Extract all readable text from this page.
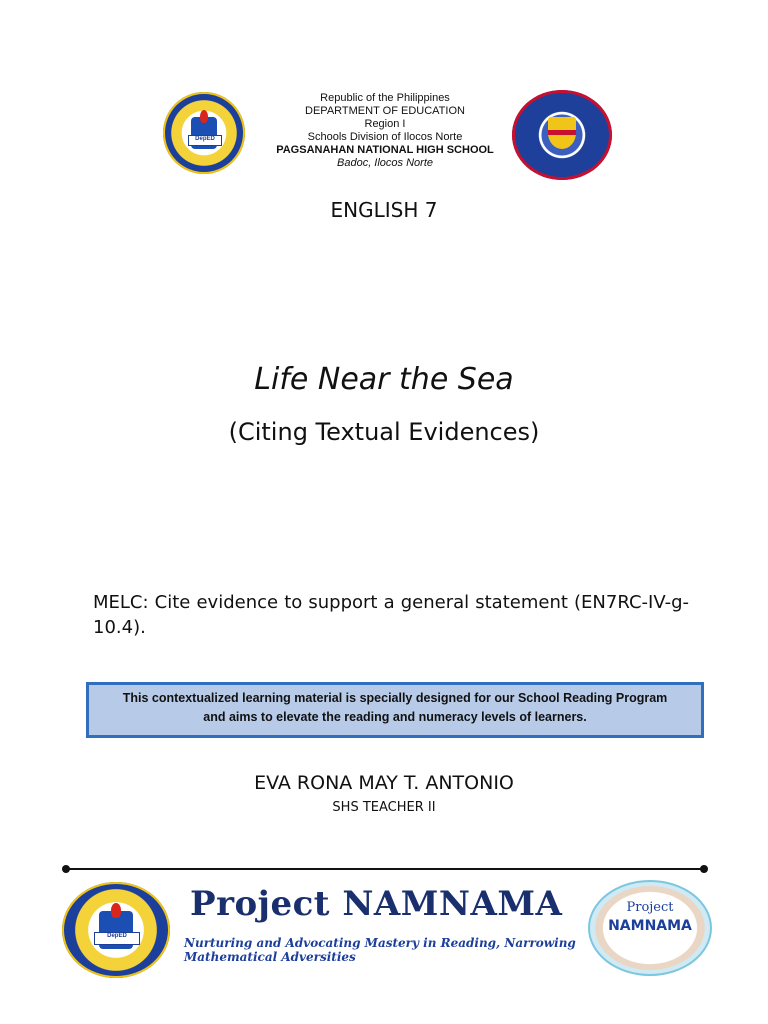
DepED
Republic of the Philippines
DEPARTMENT OF EDUCATION
Region I
Schools Division of Ilocos Norte
PAGSANAHAN NATIONAL HIGH SCHOOL
Badoc, Ilocos Norte
ENGLISH 7
Life Near the Sea
(Citing Textual Evidences)
MELC: Cite evidence to support a general statement (EN7RC-IV-g-10.4).
This contextualized learning material is specially designed for our School Reading Program
and aims to elevate the reading and numeracy levels of learners.
EVA RONA MAY T. ANTONIO
SHS TEACHER II
DepED
Project NAMNAMA
Nurturing and Advocating Mastery in Reading, Narrowing Mathematical Adversities
Project
NAMNAMA
